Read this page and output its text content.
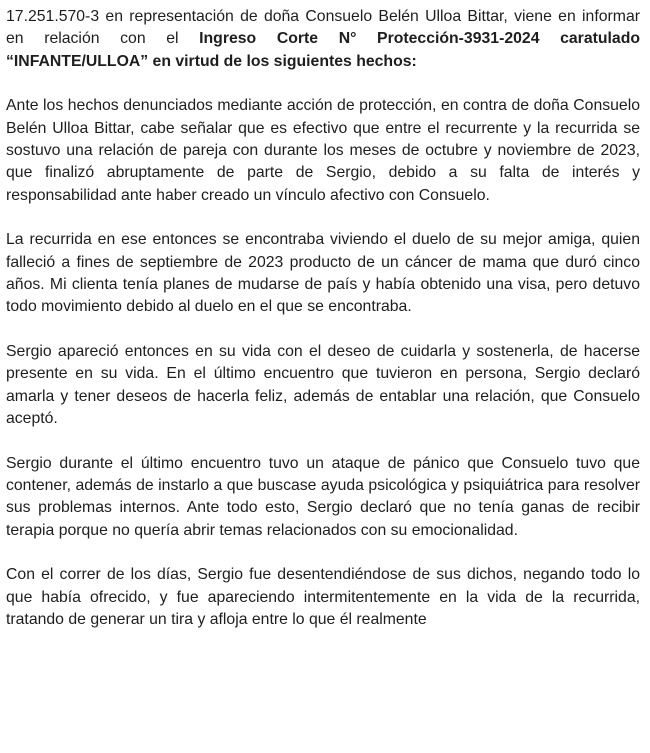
17.251.570-3 en representación de doña Consuelo Belén Ulloa Bittar, viene en informar en relación con el Ingreso Corte N° Protección-3931-2024 caratulado “INFANTE/ULLOA” en virtud de los siguientes hechos:

Ante los hechos denunciados mediante acción de protección, en contra de doña Consuelo Belén Ulloa Bittar, cabe señalar que es efectivo que entre el recurrente y la recurrida se sostuvo una relación de pareja con durante los meses de octubre y noviembre de 2023, que finalizó abruptamente de parte de Sergio, debido a su falta de interés y responsabilidad ante haber creado un vínculo afectivo con Consuelo.

La recurrida en ese entonces se encontraba viviendo el duelo de su mejor amiga, quien falleció a fines de septiembre de 2023 producto de un cáncer de mama que duró cinco años. Mi clienta tenía planes de mudarse de país y había obtenido una visa, pero detuvo todo movimiento debido al duelo en el que se encontraba.

Sergio apareció entonces en su vida con el deseo de cuidarla y sostenerla, de hacerse presente en su vida. En el último encuentro que tuvieron en persona, Sergio declaró amarla y tener deseos de hacerla feliz, además de entablar una relación, que Consuelo aceptó.

Sergio durante el último encuentro tuvo un ataque de pánico que Consuelo tuvo que contener, además de instarlo a que buscase ayuda psicológica y psiquiátrica para resolver sus problemas internos. Ante todo esto, Sergio declaró que no tenía ganas de recibir terapia porque no quería abrir temas relacionados con su emocionalidad.

Con el correr de los días, Sergio fue desentendiéndose de sus dichos, negando todo lo que había ofrecido, y fue apareciendo intermitentemente en la vida de la recurrida, tratando de generar un tira y afloja entre lo que él realmente
